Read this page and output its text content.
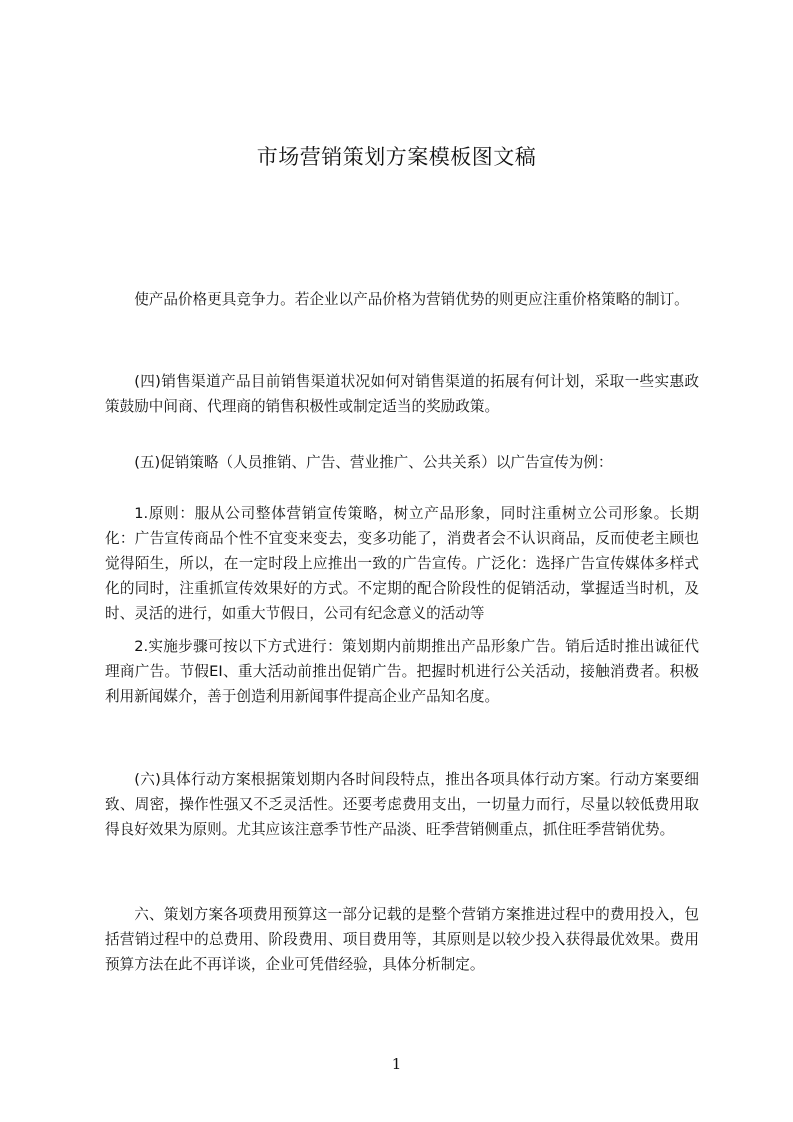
市场营销策划方案模板图文稿

使产品价格更具竞争力。若企业以产品价格为营销优势的则更应注重价格策略的制订。

(四)销售渠道产品目前销售渠道状况如何对销售渠道的拓展有何计划，采取一些实惠政策鼓励中间商、代理商的销售积极性或制定适当的奖励政策。

(五)促销策略（人员推销、广告、营业推广、公共关系）以广告宣传为例：

1.原则：服从公司整体营销宣传策略，树立产品形象，同时注重树立公司形象。长期化：广告宣传商品个性不宜变来变去，变多功能了，消费者会不认识商品，反而使老主顾也觉得陌生，所以，在一定时段上应推出一致的广告宣传。广泛化：选择广告宣传媒体多样式化的同时，注重抓宣传效果好的方式。不定期的配合阶段性的促销活动，掌握适当时机，及时、灵活的进行，如重大节假日，公司有纪念意义的活动等

2.实施步骤可按以下方式进行：策划期内前期推出产品形象广告。销后适时推出诚征代理商广告。节假EI、重大活动前推出促销广告。把握时机进行公关活动，接触消费者。积极利用新闻媒介，善于创造利用新闻事件提高企业产品知名度。

(六)具体行动方案根据策划期内各时间段特点，推出各项具体行动方案。行动方案要细致、周密，操作性强又不乏灵活性。还要考虑费用支出，一切量力而行，尽量以较低费用取得良好效果为原则。尤其应该注意季节性产品淡、旺季营销侧重点，抓住旺季营销优势。

六、策划方案各项费用预算这一部分记载的是整个营销方案推进过程中的费用投入，包括营销过程中的总费用、阶段费用、项目费用等，其原则是以较少投入获得最优效果。费用预算方法在此不再详谈，企业可凭借经验，具体分析制定。

1
